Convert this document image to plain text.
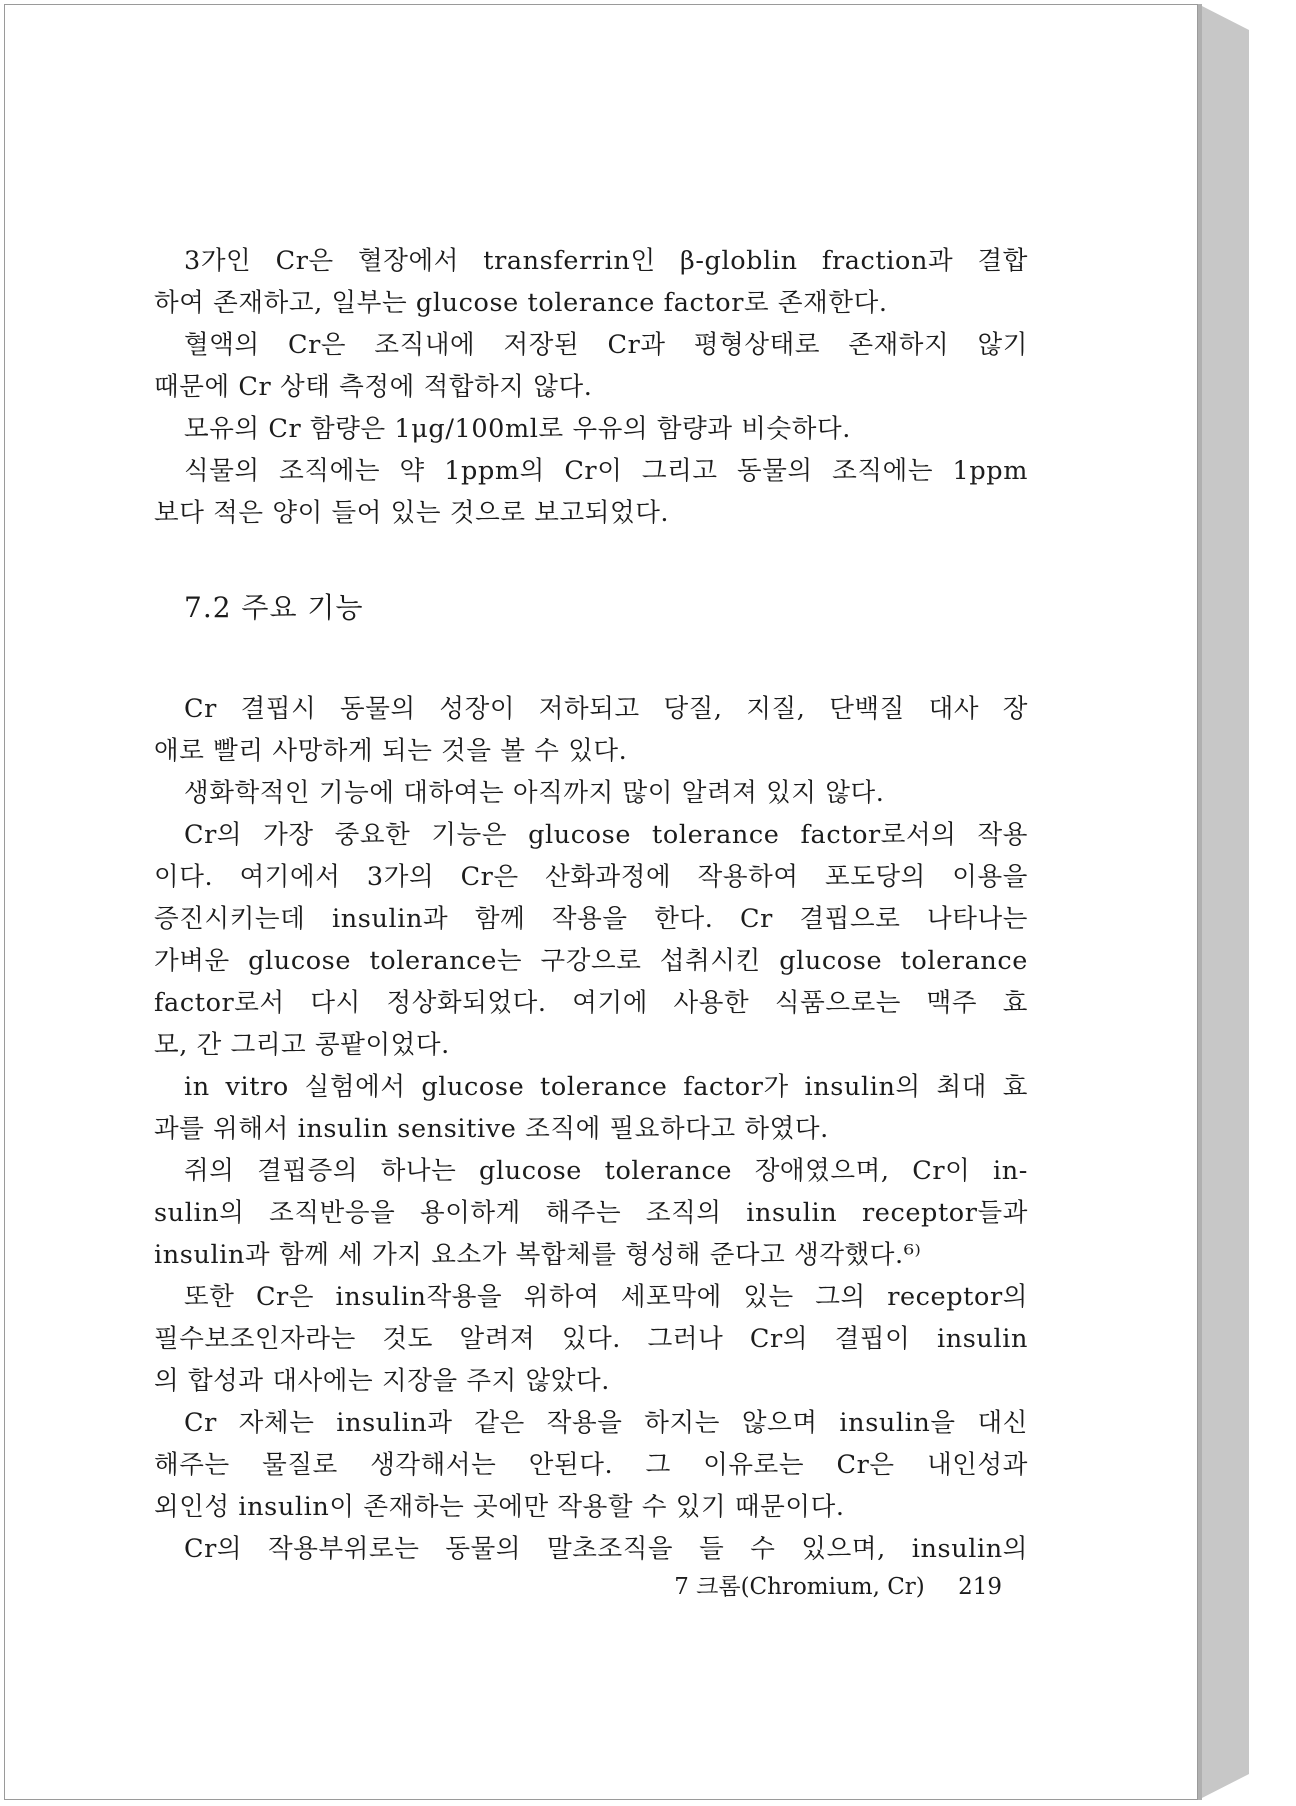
3가인 Cr은 혈장에서 transferrin인 β-globlin fraction과 결합
하여 존재하고, 일부는 glucose tolerance factor로 존재한다.
혈액의 Cr은 조직내에 저장된 Cr과 평형상태로 존재하지 않기
때문에 Cr 상태 측정에 적합하지 않다.
모유의 Cr 함량은 1μg/100ml로 우유의 함량과 비슷하다.
식물의 조직에는 약 1ppm의 Cr이 그리고 동물의 조직에는 1ppm
보다 적은 양이 들어 있는 것으로 보고되었다.
7.2 주요 기능
Cr 결핍시 동물의 성장이 저하되고 당질, 지질, 단백질 대사 장
애로 빨리 사망하게 되는 것을 볼 수 있다.
생화학적인 기능에 대하여는 아직까지 많이 알려져 있지 않다.
Cr의 가장 중요한 기능은 glucose tolerance factor로서의 작용
이다. 여기에서 3가의 Cr은 산화과정에 작용하여 포도당의 이용을
증진시키는데 insulin과 함께 작용을 한다. Cr 결핍으로 나타나는
가벼운 glucose tolerance는 구강으로 섭취시킨 glucose tolerance
factor로서 다시 정상화되었다. 여기에 사용한 식품으로는 맥주 효
모, 간 그리고 콩팥이었다.
in vitro 실험에서 glucose tolerance factor가 insulin의 최대 효
과를 위해서 insulin sensitive 조직에 필요하다고 하였다.
쥐의 결핍증의 하나는 glucose tolerance 장애였으며, Cr이 in-
sulin의 조직반응을 용이하게 해주는 조직의 insulin receptor들과
insulin과 함께 세 가지 요소가 복합체를 형성해 준다고 생각했다.⁶⁾
또한 Cr은 insulin작용을 위하여 세포막에 있는 그의 receptor의
필수보조인자라는 것도 알려져 있다. 그러나 Cr의 결핍이 insulin
의 합성과 대사에는 지장을 주지 않았다.
Cr 자체는 insulin과 같은 작용을 하지는 않으며 insulin을 대신
해주는 물질로 생각해서는 안된다. 그 이유로는 Cr은 내인성과
외인성 insulin이 존재하는 곳에만 작용할 수 있기 때문이다.
Cr의 작용부위로는 동물의 말초조직을 들 수 있으며, insulin의
7 크롬(Chromium, Cr) 219
